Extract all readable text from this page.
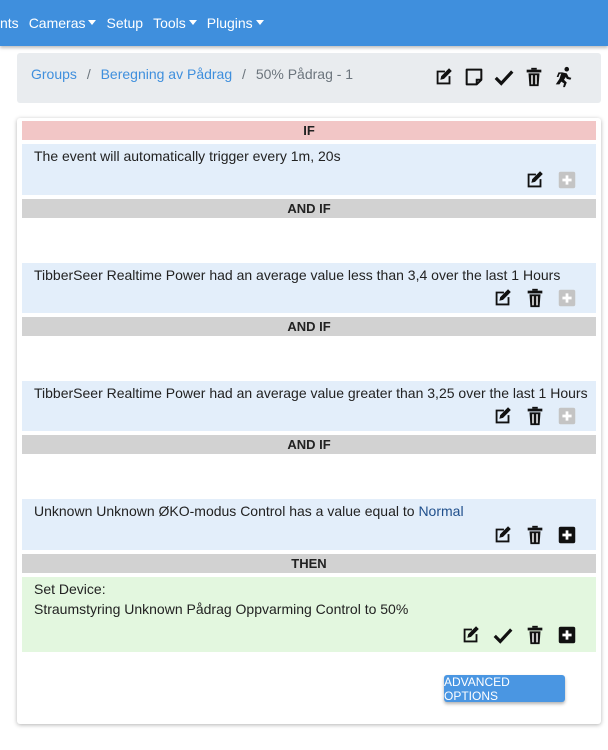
nts Cameras Setup Tools Plugins
Groups / Beregning av Pådrag / 50% Pådrag - 1
IF
The event will automatically trigger every 1m, 20s
AND IF
TibberSeer Realtime Power had an average value less than 3,4 over the last 1 Hours
AND IF
TibberSeer Realtime Power had an average value greater than 3,25 over the last 1 Hours
AND IF
Unknown Unknown ØKO-modus Control has a value equal to Normal
THEN
Set Device:
Straumstyring Unknown Pådrag Oppvarming Control to 50%
ADVANCED OPTIONS
